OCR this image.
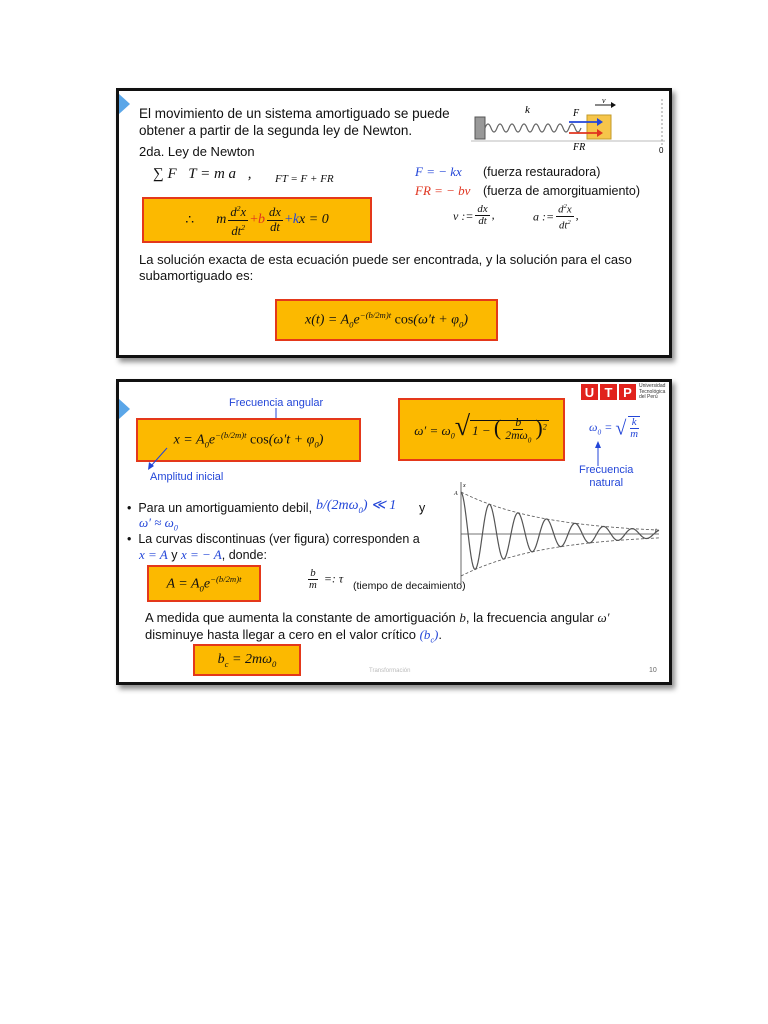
El movimiento de un sistema amortiguado se puede
obtener a partir de la segunda ley de Newton.
k	F
FR
v
0
2da. Ley de Newton
∑ F⃗T = m a⃗, FT = F + FR	F = − kx (fuerza restauradora)
FR = − bv (fuerza de amorgituamiento)
∴ m $\frac{d^2x}{dt^2} +b \frac{dx}{dt} +kx = 0$	v := $\frac{dx}{dt}$ ,	a := $\frac{d^2x}{dt^2}$ ,
La solución exacta de esta ecuación puede ser encontrada, y la solución para el caso
subamortiguado es:
$x(t) = A_0e^{-(b/2m)t}$ $\cos(\omega't + \varphi_0)$
U T P	Universidad
Tecnológica
del Perú
Frecuencia angular
$x = A_0e^{-(b/2m)t}$ $\cos(\omega't + \varphi_0)$
$\omega' = \omega_0√$ 1 − ( $\frac{b}{2m\omega_0} )^2$	$\omega_0$ = √ $\frac{k}{m}$
Frecuencia
natural
Amplitud inicial
•  Para un amortiguamiento debil, $b/(2m\omega_0)$ ≪ 1 y
$\omega' \approx \omega_0$
•  La curvas discontinuas (ver figura) corresponden a
x = A y x = − A, donde:
$A = A_0e^{-(b/2m)t}$	$\frac{b}{m}$ =: τ
(tiempo de decaimiento)
x
A
t
A medida que aumenta la constante de amortiguación b, la frecuencia angular ω′
disminuye hasta llegar a cero en el valor crítico $(b_c)$.
$b_c = 2m\omega_0$
Transformación	10
